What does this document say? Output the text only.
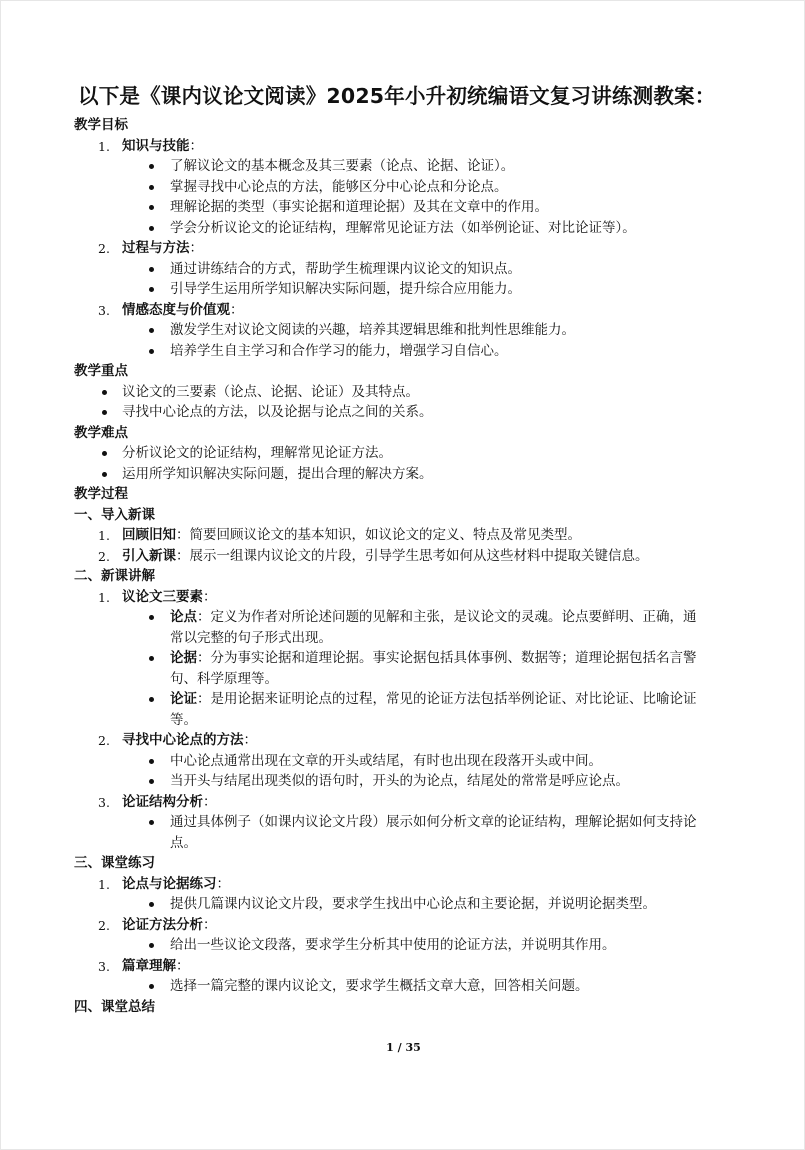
以下是《课内议论文阅读》2025年小升初统编语文复习讲练测教案：
教学目标
1. 知识与技能：
了解议论文的基本概念及其三要素（论点、论据、论证）。
掌握寻找中心论点的方法，能够区分中心论点和分论点。
理解论据的类型（事实论据和道理论据）及其在文章中的作用。
学会分析议论文的论证结构，理解常见论证方法（如举例论证、对比论证等）。
2. 过程与方法：
通过讲练结合的方式，帮助学生梳理课内议论文的知识点。
引导学生运用所学知识解决实际问题，提升综合应用能力。
3. 情感态度与价值观：
激发学生对议论文阅读的兴趣，培养其逻辑思维和批判性思维能力。
培养学生自主学习和合作学习的能力，增强学习自信心。
教学重点
议论文的三要素（论点、论据、论证）及其特点。
寻找中心论点的方法，以及论据与论点之间的关系。
教学难点
分析议论文的论证结构，理解常见论证方法。
运用所学知识解决实际问题，提出合理的解决方案。
教学过程
一、导入新课
1. 回顾旧知：简要回顾议论文的基本知识，如议论文的定义、特点及常见类型。
2. 引入新课：展示一组课内议论文的片段，引导学生思考如何从这些材料中提取关键信息。
二、新课讲解
1. 议论文三要素：
论点：定义为作者对所论述问题的见解和主张，是议论文的灵魂。论点要鲜明、正确，通
常以完整的句子形式出现。
论据：分为事实论据和道理论据。事实论据包括具体事例、数据等；道理论据包括名言警
句、科学原理等。
论证：是用论据来证明论点的过程，常见的论证方法包括举例论证、对比论证、比喻论证
等。
2. 寻找中心论点的方法：
中心论点通常出现在文章的开头或结尾，有时也出现在段落开头或中间。
当开头与结尾出现类似的语句时，开头的为论点，结尾处的常常是呼应论点。
3. 论证结构分析：
通过具体例子（如课内议论文片段）展示如何分析文章的论证结构，理解论据如何支持论
点。
三、课堂练习
1. 论点与论据练习：
提供几篇课内议论文片段，要求学生找出中心论点和主要论据，并说明论据类型。
2. 论证方法分析：
给出一些议论文段落，要求学生分析其中使用的论证方法，并说明其作用。
3. 篇章理解：
选择一篇完整的课内议论文，要求学生概括文章大意，回答相关问题。
四、课堂总结
1 / 35
